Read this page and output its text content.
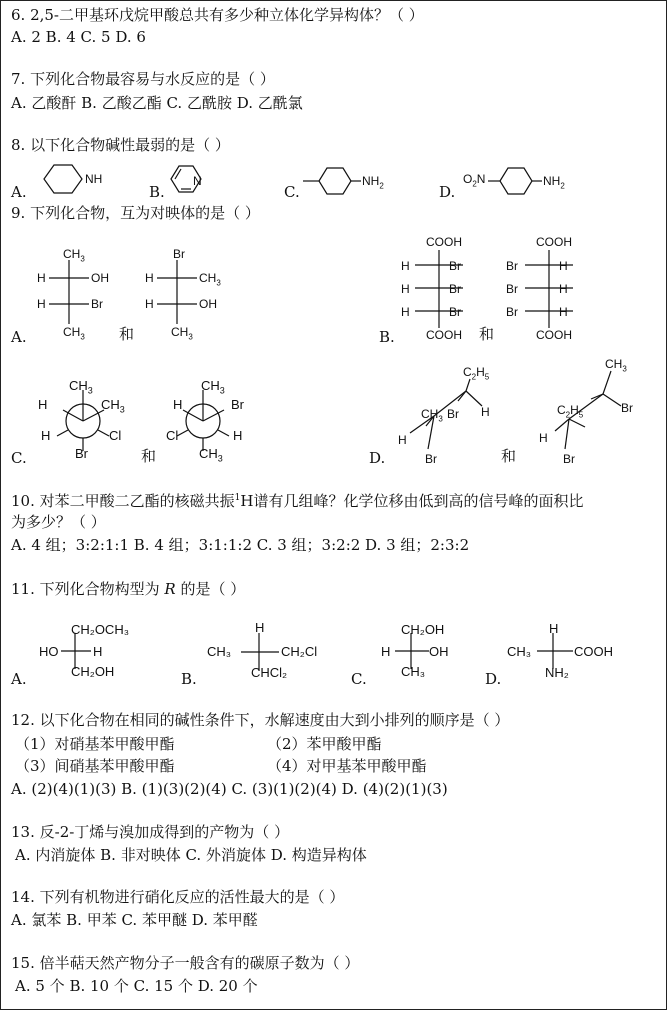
6. 2,5-二甲基环戊烷甲酸总共有多少种立体化学异构体？（ ）
A. 2 B. 4 C. 5 D. 6
7. 下列化合物最容易与水反应的是（ ）
A. 乙酸酐 B. 乙酸乙酯 C. 乙酰胺 D. 乙酰氯
8. 以下化合物碱性最弱的是（ ）
A.
NH
B.
N
C.
$NH_2$	D.
$O_2N$	$NH_2$
9. 下列化合物，互为对映体的是（ ）
A.
$CH_3$
H	OH
H	Br
$CH_3$ 和
Br
H	$CH_3$
H	OH
$CH_3$	B.
COOH
H	Br
H	Br
H	Br
COOH 和
COOH
Br	H
Br	H
Br	H
COOH
C.
$CH_3$
H	$CH_3$
H	Cl
Br	和
$CH_3$
H	Br
Cl	H
$CH_3$	D.
$C_2H_5$
$CH_3$ Br H
H
Br	和
$CH_3$
$C_2H_5$	Br
H
Br
10. 对苯二甲酸二乙酯的核磁共振$^1$H谱有几组峰？化学位移由低到高的信号峰的面积比
为多少？（ ）
A. 4 组；3:2:1:1 B. 4 组；3:1:1:2 C. 3 组；3:2:2 D. 3 组；2:3:2
11. 下列化合物构型为 R 的是（ ）
A.
CH₂OCH₃
HO	H
CH₂OH	B.
H
CH₃	CH₂Cl
CHCl₂	C.
CH₂OH
H	OH
CH₃	D.
H
CH₃	COOH
NH₂
12. 以下化合物在相同的碱性条件下，水解速度由大到小排列的顺序是（ ）
（1）对硝基苯甲酸甲酯	（2）苯甲酸甲酯
（3）间硝基苯甲酸甲酯	（4）对甲基苯甲酸甲酯
A. (2)(4)(1)(3) B. (1)(3)(2)(4) C. (3)(1)(2)(4) D. (4)(2)(1)(3)
13. 反-2-丁烯与溴加成得到的产物为（ ）
A. 内消旋体 B. 非对映体 C. 外消旋体 D. 构造异构体
14. 下列有机物进行硝化反应的活性最大的是（ ）
A. 氯苯 B. 甲苯 C. 苯甲醚 D. 苯甲醛
15. 倍半萜天然产物分子一般含有的碳原子数为（ ）
A. 5 个 B. 10 个 C. 15 个 D. 20 个
